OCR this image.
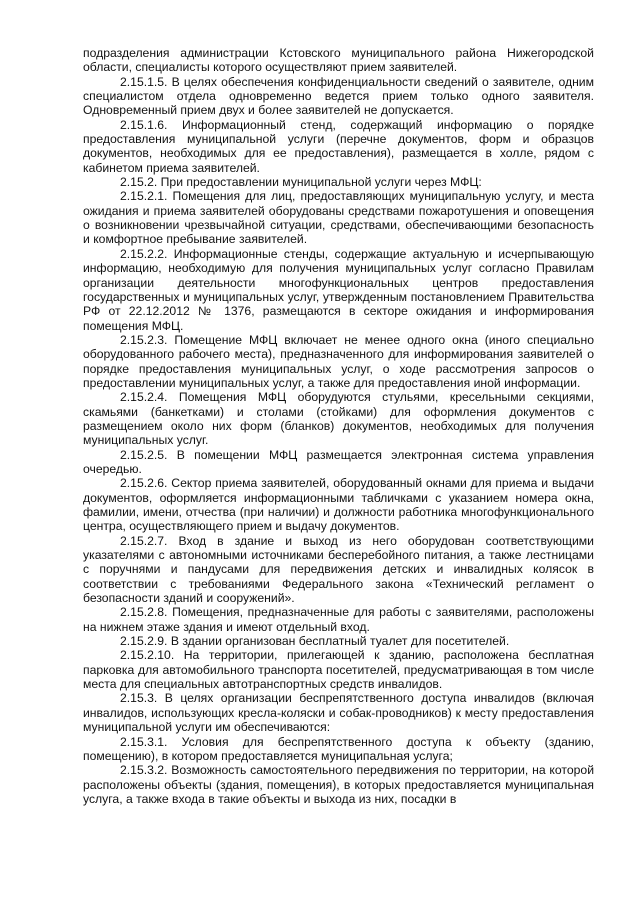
подразделения администрации Кстовского муниципального района Нижегородской области, специалисты которого осуществляют прием заявителей.

2.15.1.5. В целях обеспечения конфиденциальности сведений о заявителе, одним специалистом отдела одновременно ведется прием только одного заявителя. Одновременный прием двух и более заявителей не допускается.

2.15.1.6. Информационный стенд, содержащий информацию о порядке предоставления муниципальной услуги (перечне документов, форм и образцов документов, необходимых для ее предоставления), размещается в холле, рядом с кабинетом приема заявителей.

2.15.2. При предоставлении муниципальной услуги через МФЦ:

2.15.2.1. Помещения для лиц, предоставляющих муниципальную услугу, и места ожидания и приема заявителей оборудованы средствами пожаротушения и оповещения о возникновении чрезвычайной ситуации, средствами, обеспечивающими безопасность и комфортное пребывание заявителей.

2.15.2.2. Информационные стенды, содержащие актуальную и исчерпывающую информацию, необходимую для получения муниципальных услуг согласно Правилам организации деятельности многофункциональных центров предоставления государственных и муниципальных услуг, утвержденным постановлением Правительства РФ от 22.12.2012 № 1376, размещаются в секторе ожидания и информирования помещения МФЦ.

2.15.2.3. Помещение МФЦ включает не менее одного окна (иного специально оборудованного рабочего места), предназначенного для информирования заявителей о порядке предоставления муниципальных услуг, о ходе рассмотрения запросов о предоставлении муниципальных услуг, а также для предоставления иной информации.

2.15.2.4. Помещения МФЦ оборудуются стульями, кресельными секциями, скамьями (банкетками) и столами (стойками) для оформления документов с размещением около них форм (бланков) документов, необходимых для получения муниципальных услуг.

2.15.2.5. В помещении МФЦ размещается электронная система управления очередью.

2.15.2.6. Сектор приема заявителей, оборудованный окнами для приема и выдачи документов, оформляется информационными табличками с указанием номера окна, фамилии, имени, отчества (при наличии) и должности работника многофункционального центра, осуществляющего прием и выдачу документов.

2.15.2.7. Вход в здание и выход из него оборудован соответствующими указателями с автономными источниками бесперебойного питания, а также лестницами с поручнями и пандусами для передвижения детских и инвалидных колясок в соответствии с требованиями Федерального закона «Технический регламент о безопасности зданий и сооружений».

2.15.2.8. Помещения, предназначенные для работы с заявителями, расположены на нижнем этаже здания и имеют отдельный вход.

2.15.2.9. В здании организован бесплатный туалет для посетителей.

2.15.2.10. На территории, прилегающей к зданию, расположена бесплатная парковка для автомобильного транспорта посетителей, предусматривающая в том числе места для специальных автотранспортных средств инвалидов.

2.15.3. В целях организации беспрепятственного доступа инвалидов (включая инвалидов, использующих кресла-коляски и собак-проводников) к месту предоставления муниципальной услуги им обеспечиваются:

2.15.3.1. Условия для беспрепятственного доступа к объекту (зданию, помещению), в котором предоставляется муниципальная услуга;

2.15.3.2. Возможность самостоятельного передвижения по территории, на которой расположены объекты (здания, помещения), в которых предоставляется муниципальная услуга, а также входа в такие объекты и выхода из них, посадки в
